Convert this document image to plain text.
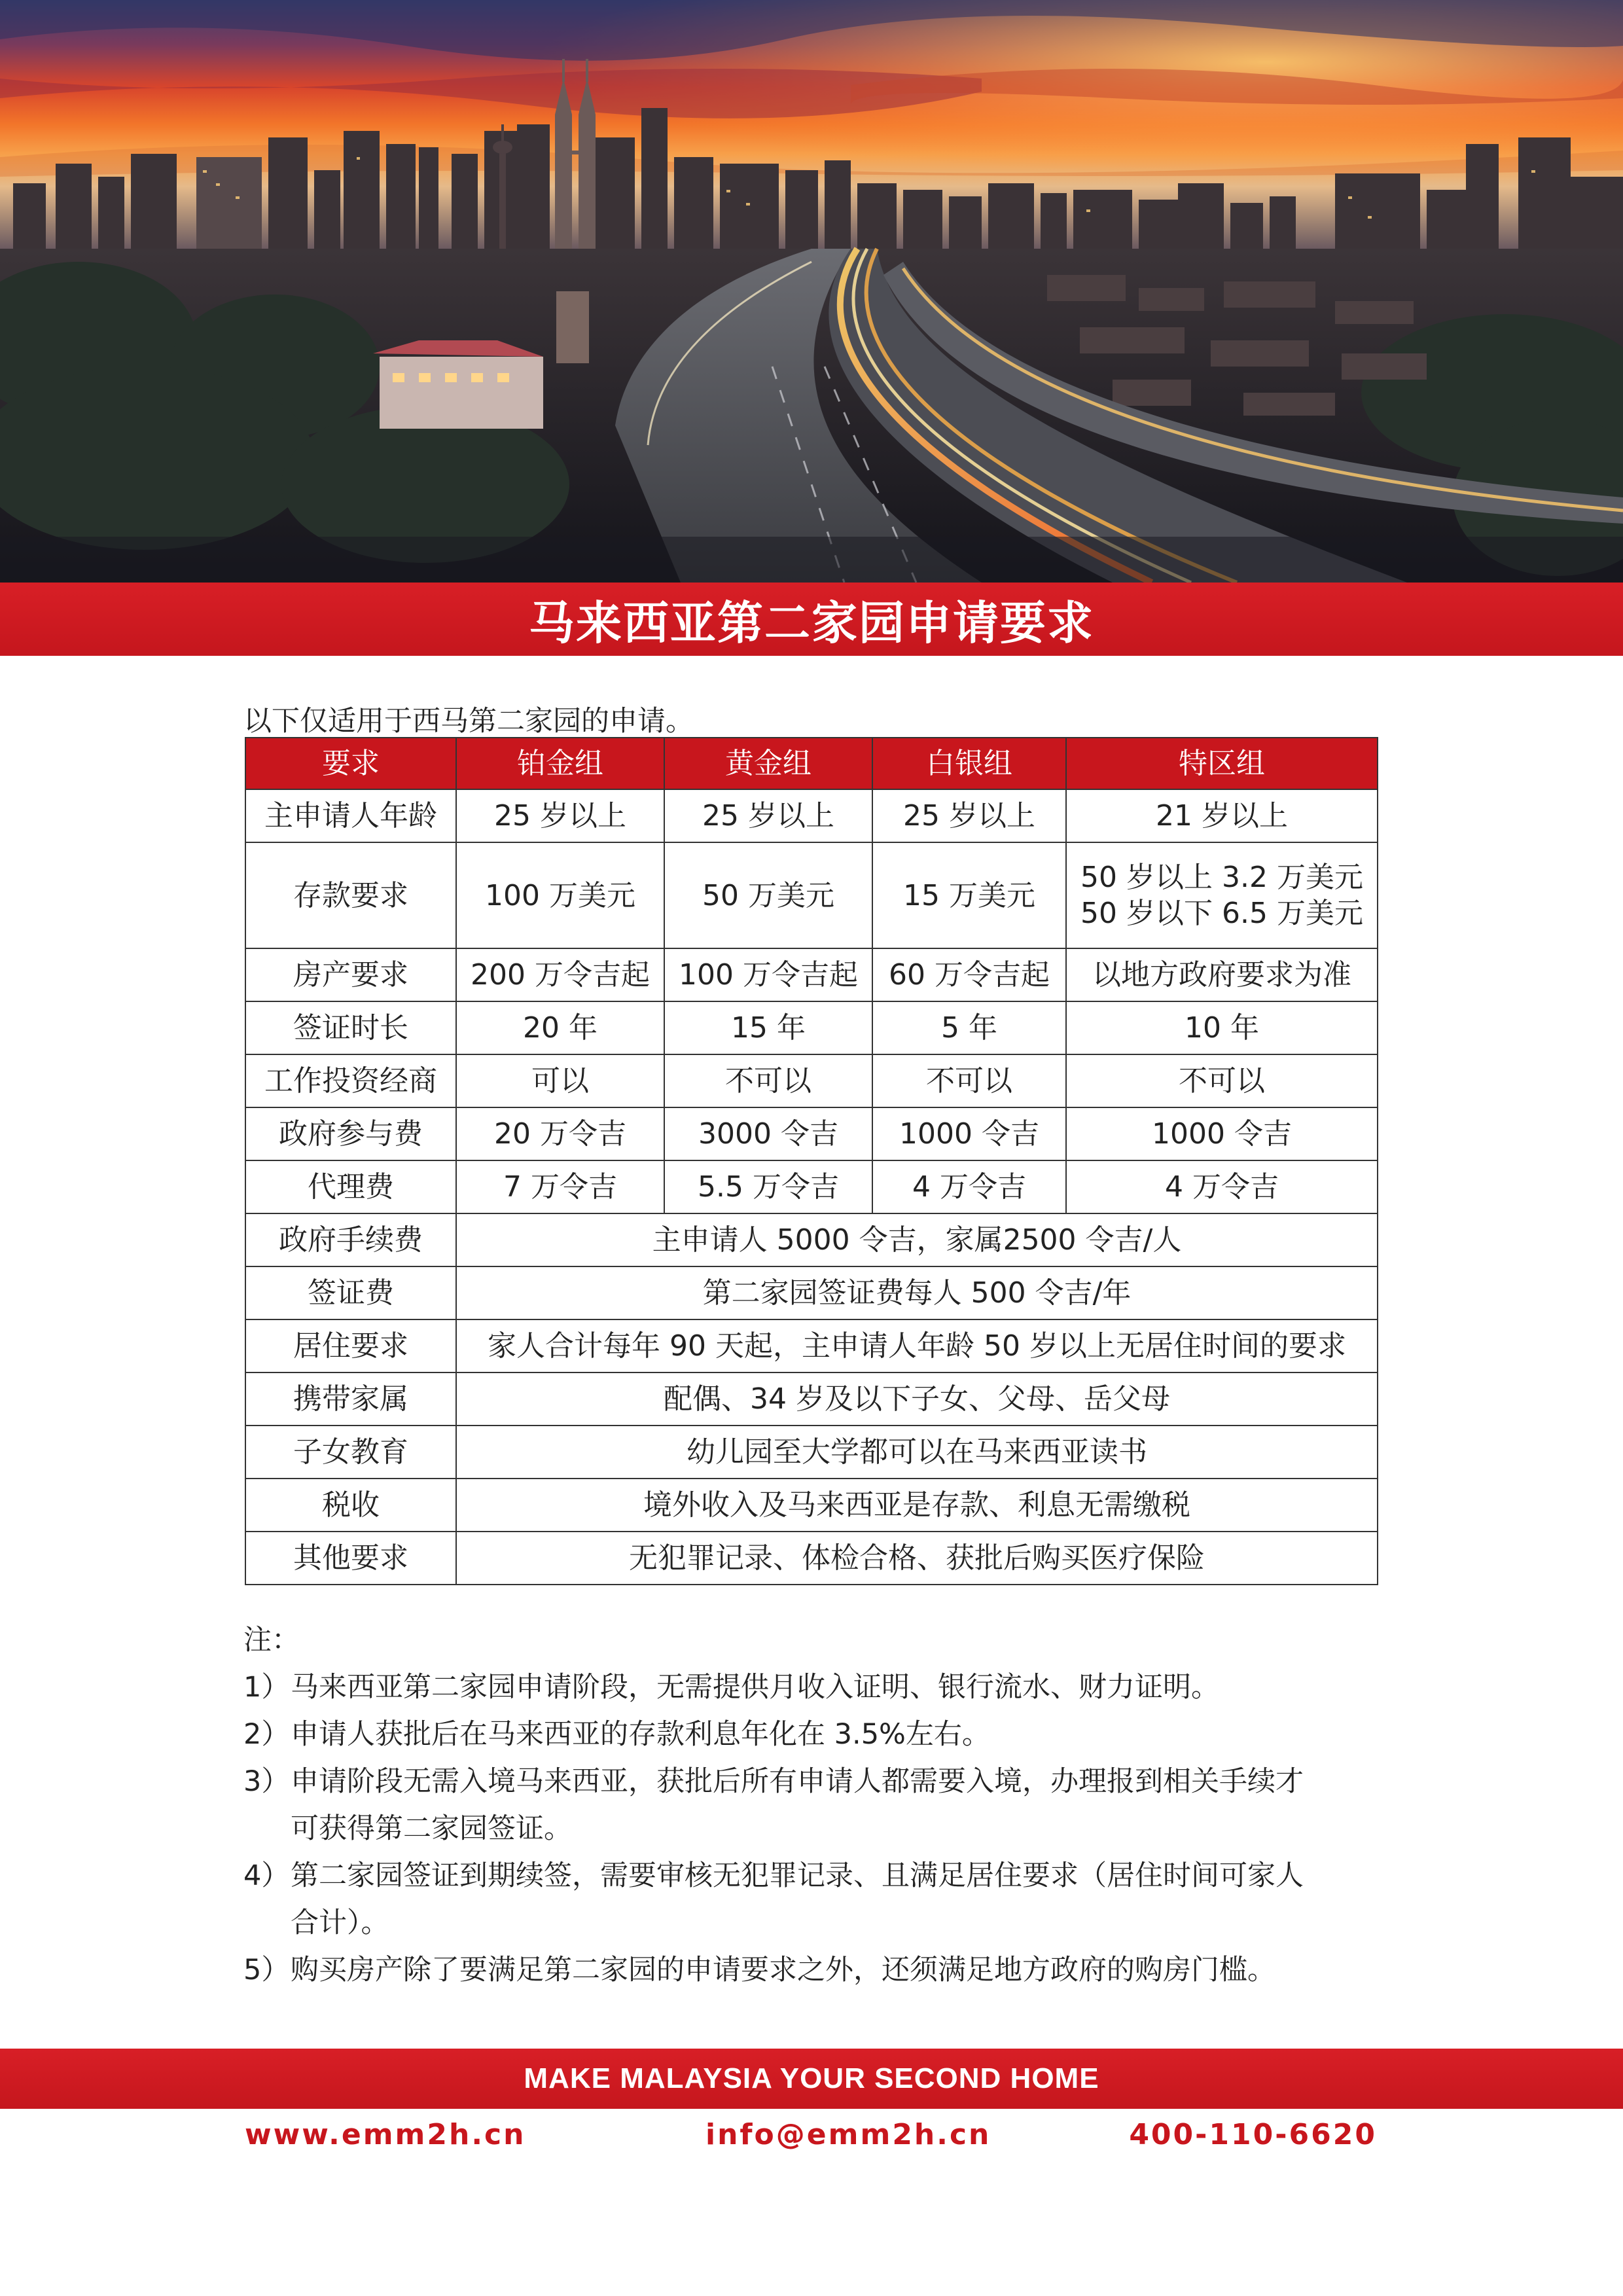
马来西亚第二家园申请要求

以下仅适用于西马第二家园的申请。

要求	铂金组	黄金组	白银组	特区组
主申请人年龄	25 岁以上	25 岁以上	25 岁以上	21 岁以上
存款要求	100 万美元	50 万美元	15 万美元	50 岁以上 3.2 万美元
50 岁以下 6.5 万美元

房产要求	200 万令吉起	100 万令吉起	60 万令吉起	以地方政府要求为准
签证时长	20 年	15 年	5 年	10 年
工作投资经商	可以	不可以	不可以	不可以
政府参与费	20 万令吉	3000 令吉	1000 令吉	1000 令吉
代理费	7 万令吉	5.5 万令吉	4 万令吉	4 万令吉
政府手续费	主申请人 5000 令吉，家属2500 令吉/人			
签证费	第二家园签证费每人 500 令吉/年			
居住要求	家人合计每年 90 天起，主申请人年龄 50 岁以上无居住时间的要求			
携带家属	配偶、34 岁及以下子女、父母、岳父母			
子女教育	幼儿园至大学都可以在马来西亚读书			
税收	境外收入及马来西亚是存款、利息无需缴税			
其他要求	无犯罪记录、体检合格、获批后购买医疗保险			
注：
1） 马来西亚第二家园申请阶段，无需提供月收入证明、银行流水、财力证明。
2） 申请人获批后在马来西亚的存款利息年化在 3.5%左右。
3） 申请阶段无需入境马来西亚，获批后所有申请人都需要入境，办理报到相关手续才
可获得第二家园签证。
4） 第二家园签证到期续签，需要审核无犯罪记录、且满足居住要求（居住时间可家人
合计）。
5） 购买房产除了要满足第二家园的申请要求之外，还须满足地方政府的购房门槛。
MAKE MALAYSIA YOUR SECOND HOME
www.emm2h.cn	info@emm2h.cn	400-110-6620
